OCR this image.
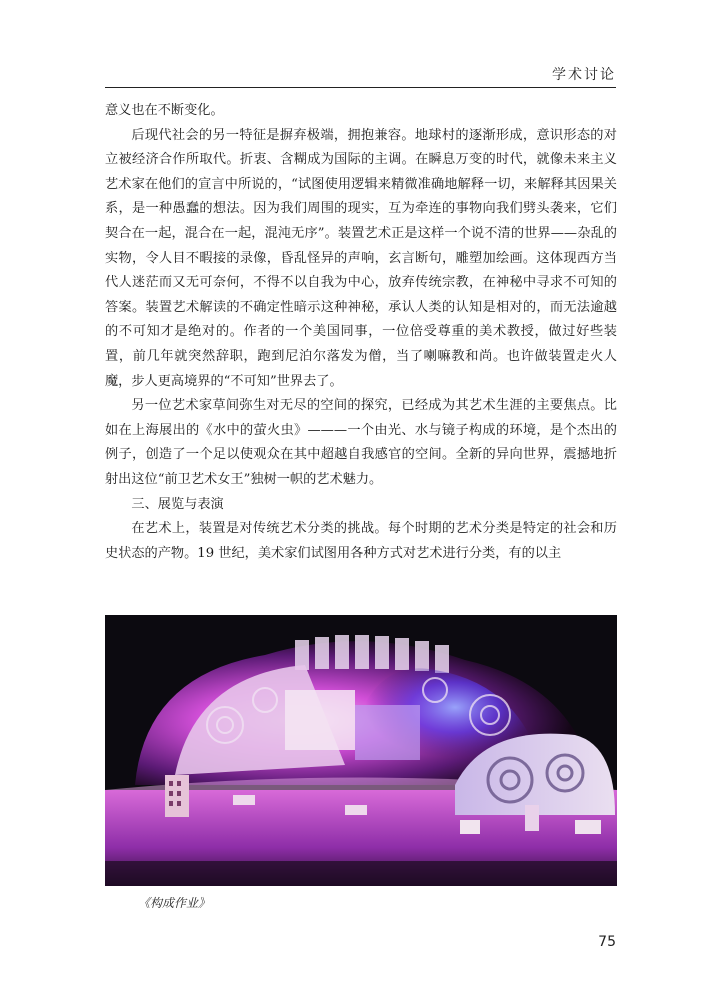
学术讨论

意义也在不断变化。

后现代社会的另一特征是摒弃极端，拥抱兼容。地球村的逐渐形成，意识形态的对立被经济合作所取代。折衷、含糊成为国际的主调。在瞬息万变的时代，就像未来主义艺术家在他们的宣言中所说的，“试图使用逻辑来精微准确地解释一切，来解释其因果关系，是一种愚蠢的想法。因为我们周围的现实，互为牵连的事物向我们劈头袭来，它们契合在一起，混合在一起，混沌无序”。装置艺术正是这样一个说不清的世界——杂乱的实物，令人目不暇接的录像，昏乱怪异的声响，玄言断句，雕塑加绘画。这体现西方当代人迷茫而又无可奈何，不得不以自我为中心，放弃传统宗教，在神秘中寻求不可知的答案。装置艺术解读的不确定性暗示这种神秘，承认人类的认知是相对的，而无法逾越的不可知才是绝对的。作者的一个美国同事，一位倍受尊重的美术教授，做过好些装置，前几年就突然辞职，跑到尼泊尔落发为僧，当了喇嘛教和尚。也许做装置走火人魔，步人更高境界的“不可知”世界去了。

另一位艺术家草间弥生对无尽的空间的探究，已经成为其艺术生涯的主要焦点。比如在上海展出的《水中的萤火虫》———一个由光、水与镜子构成的环境，是个杰出的例子，创造了一个足以使观众在其中超越自我感官的空间。全新的异向世界，震撼地折射出这位“前卫艺术女王”独树一帜的艺术魅力。

三、展览与表演

在艺术上，装置是对传统艺术分类的挑战。每个时期的艺术分类是特定的社会和历史状态的产物。19 世纪，美术家们试图用各种方式对艺术进行分类，有的以主

《构成作业》
75
